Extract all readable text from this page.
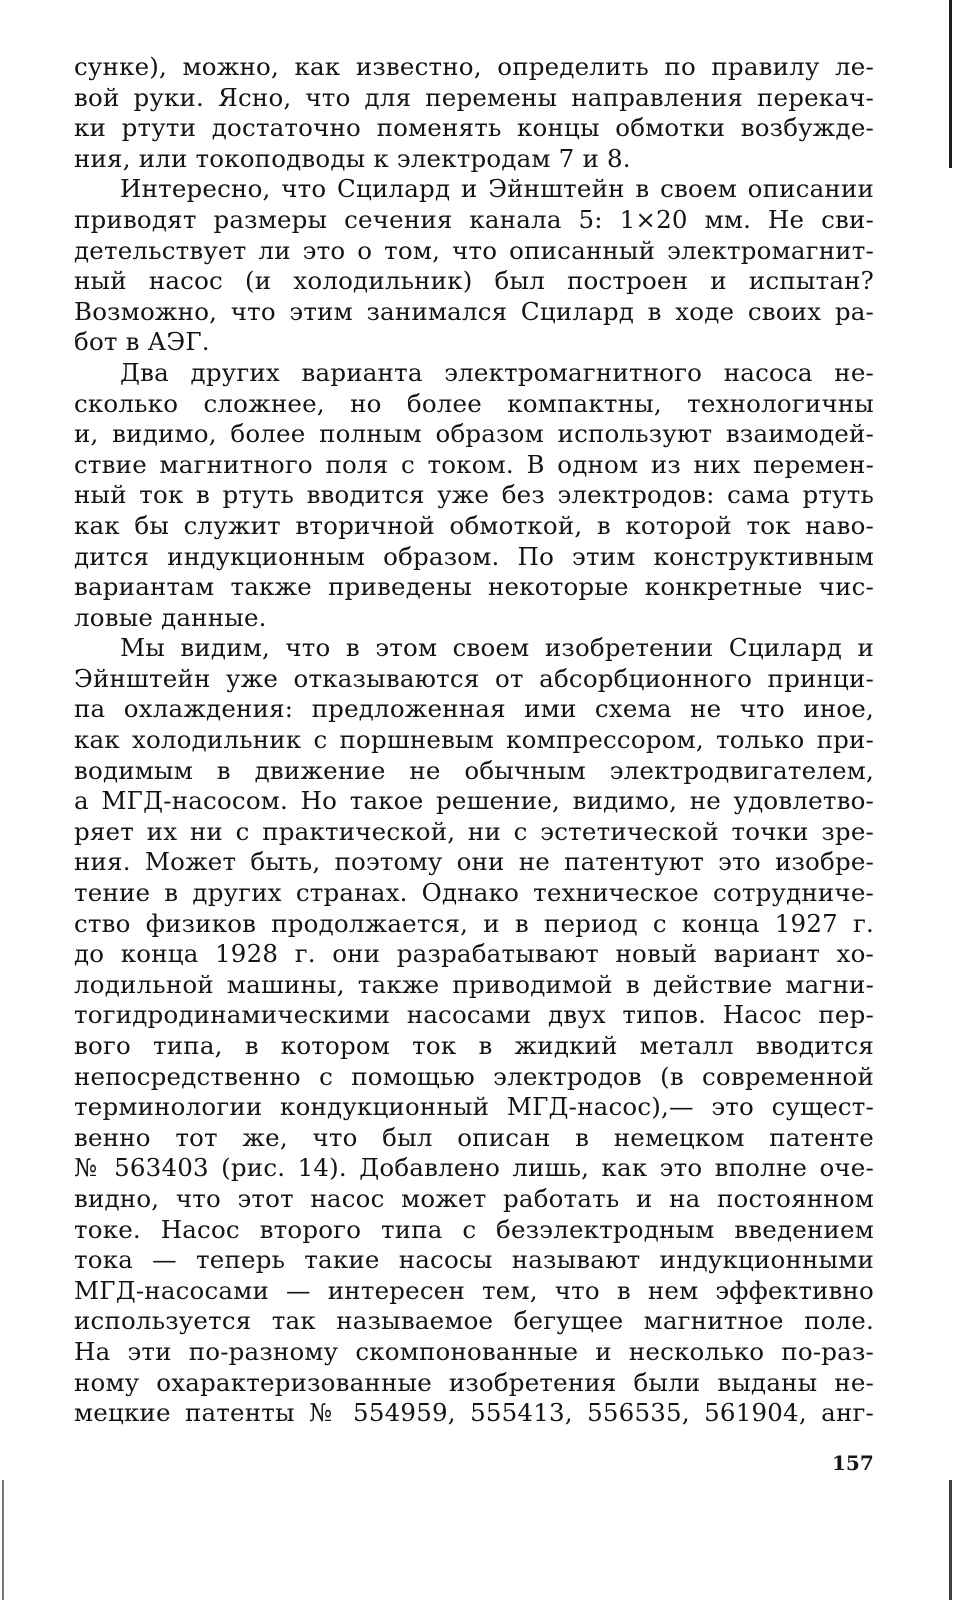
сунке), можно, как известно, определить по правилу ле-
вой руки. Ясно, что для перемены направления перекач-
ки ртути достаточно поменять концы обмотки возбужде-
ния, или токоподводы к электродам 7 и 8.
Интересно, что Сцилард и Эйнштейн в своем описании
приводят размеры сечения канала 5: 1×20 мм. Не сви-
детельствует ли это о том, что описанный электромагнит-
ный насос (и холодильник) был построен и испытан?
Возможно, что этим занимался Сцилард в ходе своих ра-
бот в АЭГ.
Два других варианта электромагнитного насоса не-
сколько сложнее, но более компактны, технологичны
и, видимо, более полным образом используют взаимодей-
ствие магнитного поля с током. В одном из них перемен-
ный ток в ртуть вводится уже без электродов: сама ртуть
как бы служит вторичной обмоткой, в которой ток наво-
дится индукционным образом. По этим конструктивным
вариантам также приведены некоторые конкретные чис-
ловые данные.
Мы видим, что в этом своем изобретении Сцилард и
Эйнштейн уже отказываются от абсорбционного принци-
па охлаждения: предложенная ими схема не что иное,
как холодильник с поршневым компрессором, только при-
водимым в движение не обычным электродвигателем,
а МГД-насосом. Но такое решение, видимо, не удовлетво-
ряет их ни с практической, ни с эстетической точки зре-
ния. Может быть, поэтому они не патентуют это изобре-
тение в других странах. Однако техническое сотрудниче-
ство физиков продолжается, и в период с конца 1927 г.
до конца 1928 г. они разрабатывают новый вариант хо-
лодильной машины, также приводимой в действие магни-
тогидродинамическими насосами двух типов. Насос пер-
вого типа, в котором ток в жидкий металл вводится
непосредственно с помощью электродов (в современной
терминологии кондукционный МГД-насос),— это сущест-
венно тот же, что был описан в немецком патенте
№ 563403 (рис. 14). Добавлено лишь, как это вполне оче-
видно, что этот насос может работать и на постоянном
токе. Насос второго типа с безэлектродным введением
тока — теперь такие насосы называют индукционными
МГД-насосами — интересен тем, что в нем эффективно
используется так называемое бегущее магнитное поле.
На эти по-разному скомпонованные и несколько по-раз-
ному охарактеризованные изобретения были выданы не-
мецкие патенты № 554959, 555413, 556535, 561904, анг-
157
